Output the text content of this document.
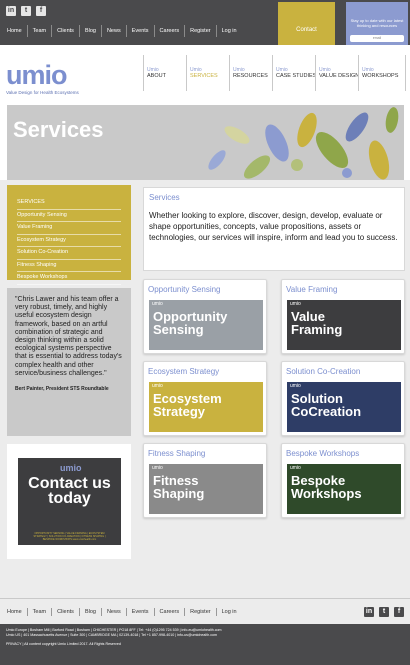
in	t	f
Home	Team	Clients	Blog	News	Events	Careers	Register	Log in	Contact
Stay up to date with our latest thinking and resources
email
umio
Value Design for Health Ecosystems
Umio
ABOUT
Umio
SERVICES
Umio
RESOURCES
Umio
CASE STUDIES
Umio
VALUE DESIGN
Umio
WORKSHOPS
Services
SERVICES
Opportunity Sensing
Value Framing
Ecosystem Strategy
Solution Co-Creation
Fitness Shaping
Bespoke Workshops
"Chris Lawer and his team offer a very robust, timely, and highly useful ecosystem design framework, based on an artful combination of strategic and design thinking within a solid ecological systems perspective that is essential to address today's complex health and other service/business challenges."
Bert Painter, President STS Roundtable
umio
Contact us today
OPPORTUNITY SENSING | VALUE FRAMING | ECOSYSTEM STRATEGY | SOLUTION CO-CREATION | FITNESS SHAPING | BESPOKE WORKSHOPS www.umiohealth.com
Services
Whether looking to explore, discover, design, develop, evaluate or shape opportunities, concepts, value propositions, assets or technologies, our services will inspire, inform and lead you to success.
Opportunity Sensing
umio
Opportunity
Sensing
Value Framing
umio
Value
Framing
Ecosystem Strategy
umio
Ecosystem
Strategy
Solution Co-Creation
umio
Solution
CoCreation
Fitness Shaping
umio
Fitness
Shaping
Bespoke Workshops
umio
Bespoke
Workshops
Home	Team	Clients	Blog	News	Events	Careers	Register	Log in	in	t	f
Umio Europe | Bosham Mill | Barford Road | Bosham | CHICHESTER | PO18 8FF | Tel: +44 (0)1295 724 539 | info-eu@umiohealth.com
Umio US | 401 Massachusetts Avenue | Suite 300 | CAMBRIDGE MA | 02139-4018 | Tel +1 857-998-4010 | info-us@umiohealth.com
PRIVACY | All content copyright Umio Limited 2017. All Rights Reserved
